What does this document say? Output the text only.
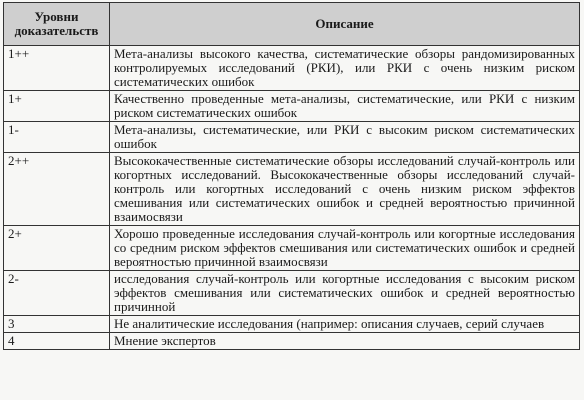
Уровни доказательств	Описание
1++	Мета-анализы высокого качества, систематические обзоры рандомизированных контролируемых исследований (РКИ), или РКИ с очень низким риском систематических ошибок
1+	Качественно проведенные мета-анализы, систематические, или РКИ с низким риском систематических ошибок
1-	Мета-анализы, систематические, или РКИ с высоким риском систематических ошибок
2++	Высококачественные систематические обзоры исследований случай-контроль или когортных исследований. Высококачественные обзоры исследований случай-контроль или когортных исследований с очень низким риском эффектов смешивания или систематических ошибок и средней вероятностью причинной взаимосвязи
2+	Хорошо проведенные исследования случай-контроль или когортные исследования со средним риском эффектов смешивания или систематических ошибок и средней вероятностью причинной взаимосвязи
2-	исследования случай-контроль или когортные исследования с высоким риском эффектов смешивания или систематических ошибок и средней вероятностью причинной
3	Не аналитические исследования (например: описания случаев, серий случаев
4	Мнение экспертов
